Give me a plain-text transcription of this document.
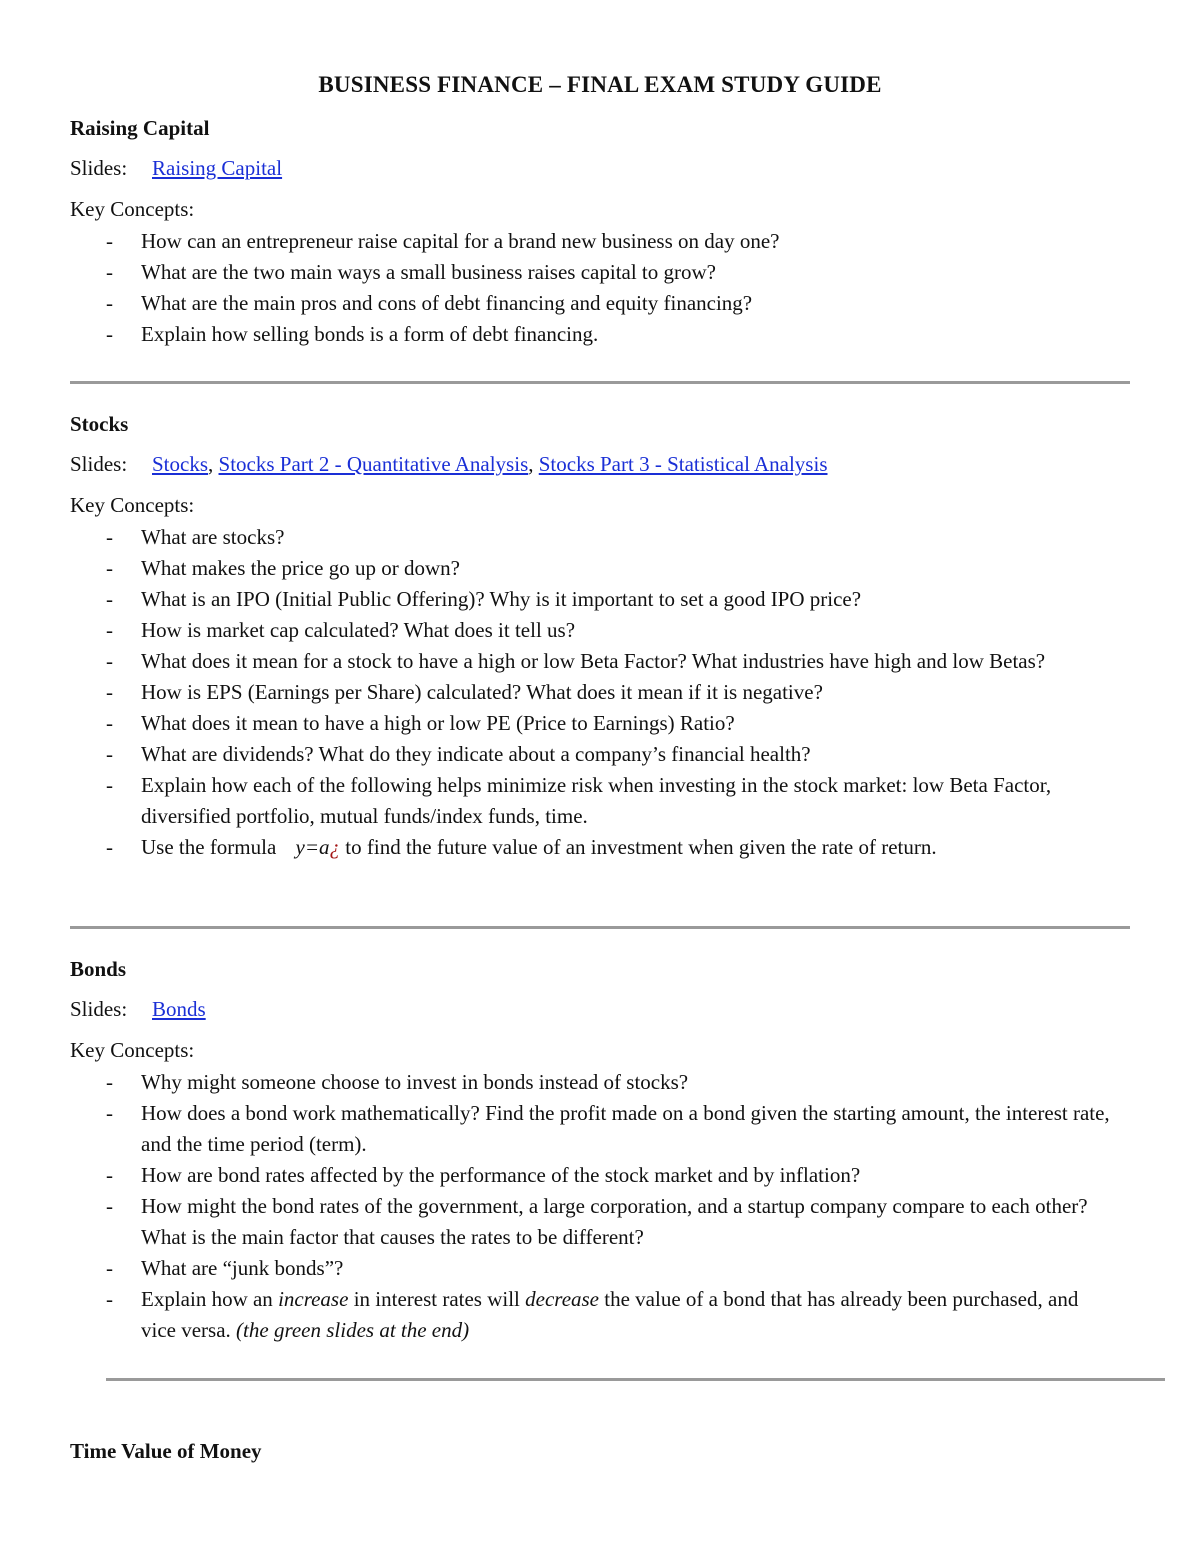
BUSINESS FINANCE – FINAL EXAM STUDY GUIDE
Raising Capital
Slides: Raising Capital
Key Concepts:
- How can an entrepreneur raise capital for a brand new business on day one?
- What are the two main ways a small business raises capital to grow?
- What are the main pros and cons of debt financing and equity financing?
- Explain how selling bonds is a form of debt financing.
Stocks
Slides: Stocks, Stocks Part 2 - Quantitative Analysis, Stocks Part 3 - Statistical Analysis
Key Concepts:
- What are stocks?
- What makes the price go up or down?
- What is an IPO (Initial Public Offering)? Why is it important to set a good IPO price?
- How is market cap calculated? What does it tell us?
- What does it mean for a stock to have a high or low Beta Factor? What industries have high and low Betas?
- How is EPS (Earnings per Share) calculated? What does it mean if it is negative?
- What does it mean to have a high or low PE (Price to Earnings) Ratio?
- What are dividends? What do they indicate about a company’s financial health?
- Explain how each of the following helps minimize risk when investing in the stock market: low Beta Factor, diversified portfolio, mutual funds/index funds, time.
- Use the formula y=a¿ to find the future value of an investment when given the rate of return.
Bonds
Slides: Bonds
Key Concepts:
- Why might someone choose to invest in bonds instead of stocks?
- How does a bond work mathematically? Find the profit made on a bond given the starting amount, the interest rate, and the time period (term).
- How are bond rates affected by the performance of the stock market and by inflation?
- How might the bond rates of the government, a large corporation, and a startup company compare to each other? What is the main factor that causes the rates to be different?
- What are “junk bonds”?
- Explain how an increase in interest rates will decrease the value of a bond that has already been purchased, and vice versa. (the green slides at the end)
Time Value of Money
